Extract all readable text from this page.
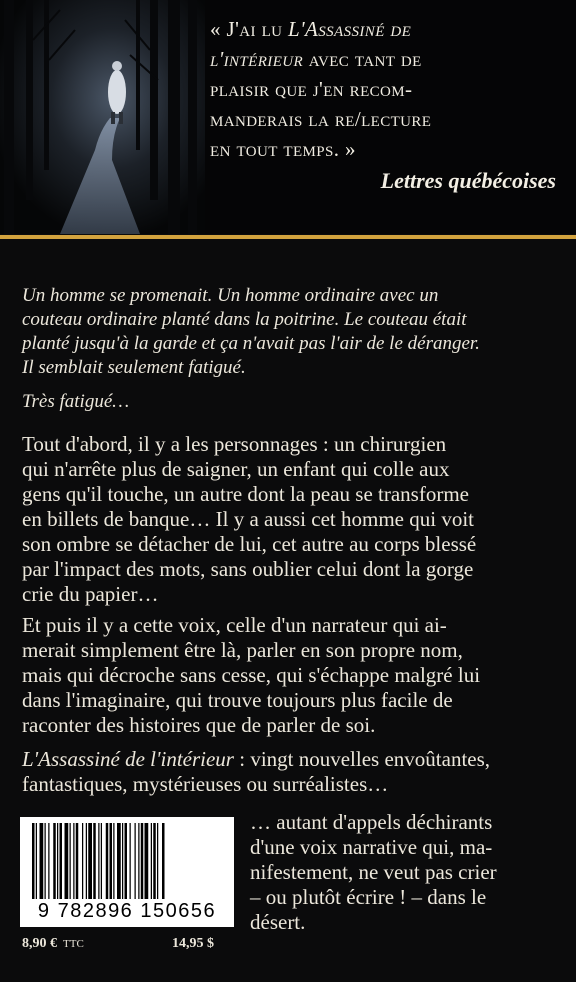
« J'ai lu L'Assassiné de
l'intérieur avec tant de
plaisir que j'en recom-
manderais la re/lecture
en tout temps. »
Lettres québécoises

Un homme se promenait. Un homme ordinaire avec un
couteau ordinaire planté dans la poitrine. Le couteau était
planté jusqu'à la garde et ça n'avait pas l'air de le déranger.
Il semblait seulement fatigué.

Très fatigué…

Tout d'abord, il y a les personnages : un chirurgien
qui n'arrête plus de saigner, un enfant qui colle aux
gens qu'il touche, un autre dont la peau se transforme
en billets de banque… Il y a aussi cet homme qui voit
son ombre se détacher de lui, cet autre au corps blessé
par l'impact des mots, sans oublier celui dont la gorge
crie du papier…
Et puis il y a cette voix, celle d'un narrateur qui ai-
merait simplement être là, parler en son propre nom,
mais qui décroche sans cesse, qui s'échappe malgré lui
dans l'imaginaire, qui trouve toujours plus facile de
raconter des histoires que de parler de soi.
L'Assassiné de l'intérieur : vingt nouvelles envoûtantes,
fantastiques, mystérieuses ou surréalistes…
9 782896 150656
… autant d'appels déchirants
d'une voix narrative qui, ma-
nifestement, ne veut pas crier
– ou plutôt écrire ! – dans le
désert.
8,90 € TTC	14,95 $
